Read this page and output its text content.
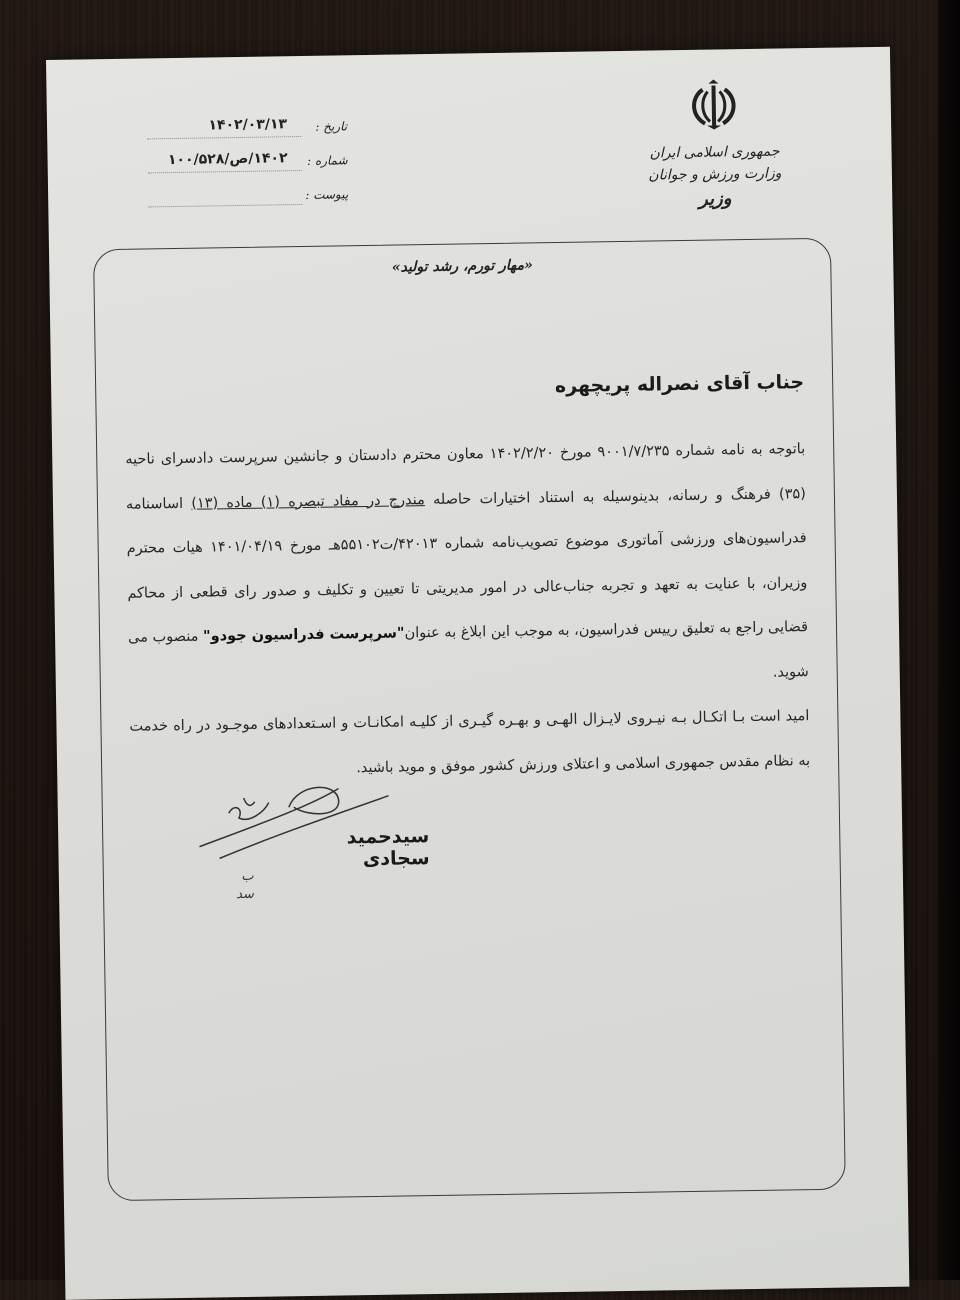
جمهوری اسلامی ایران
وزارت ورزش و جوانان
وزیر
تاریخ :
۱۴۰۲/۰۳/۱۳
شماره :
۱۴۰۲/ص/۱۰۰/۵۲۸
پیوست :
«مهار تورم، رشد تولید»
جناب آقای نصراله پریچهره

باتوجه به نامه شماره ۹۰۰۱/۷/۲۳۵ مورخ ۱۴۰۲/۲/۲۰ معاون محترم دادستان و جانشین سرپرست دادسرای ناحیه (۳۵) فرهنگ و رسانه، بدینوسیله به استناد اختیارات حاصله مندرج در مفاد تبصره (۱) ماده (۱۳) اساسنامه فدراسیون‌های ورزشی آماتوری موضوع تصویب‌نامه شماره ۴۲۰۱۳/ت۵۵۱۰۲هـ مورخ ۱۴۰۱/۰۴/۱۹ هیات محترم وزیران، با عنایت به تعهد و تجربه جناب‌عالی در امور مدیریتی تا تعیین و تکلیف و صدور رای قطعی از محاکم قضایی راجع به تعلیق رییس فدراسیون، به موجب این ابلاغ به عنوان"سرپرست فدراسیون جودو" منصوب می شوید.

امید است بـا اتکـال بـه نیـروی لایـزال الهـی و بهـره گیـری از کلیـه امکانـات و اسـتعدادهای موجـود در راه خدمت به نظام مقدس جمهوری اسلامی و اعتلای ورزش کشور موفق و موید باشید.

سیدحمید سجادی
ب
سد
